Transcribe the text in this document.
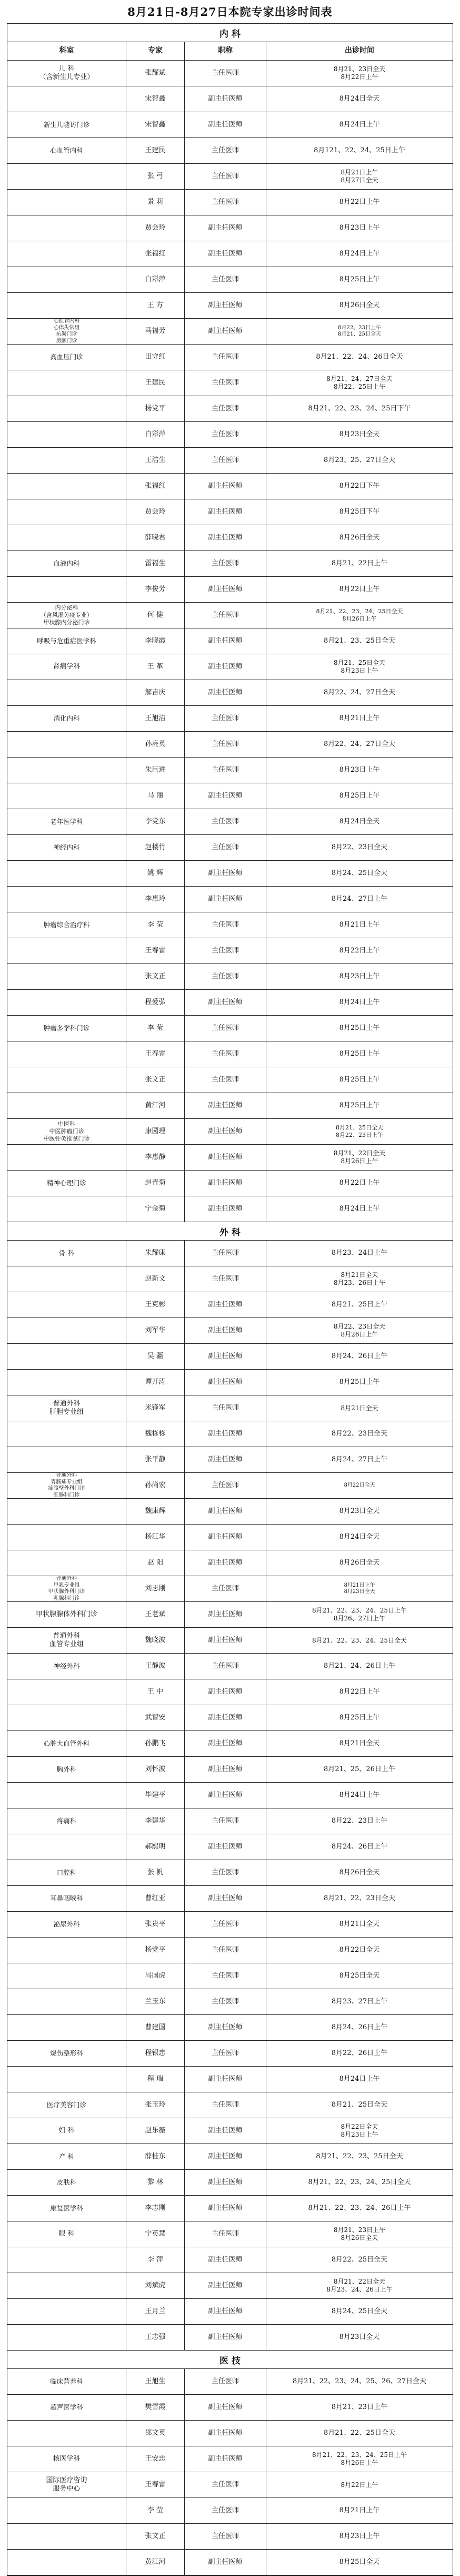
8月21日-8月27日本院专家出诊时间表
内 科
科室	专家	职称	出诊时间
儿 科
（含新生儿专业）
张耀斌	主任医师	8月21、23日全天
8月22日上午
宋智鑫	副主任医师	8月24日全天
新生儿随访门诊	宋智鑫	副主任医师	8月24日上午
心血管内科	王建民	主任医师	8月121、22、24、25日上午
张 弓	主任医师	8月21日上午
8月27日全天
景 莉	主任医师	8月22日上午
贾会玲	副主任医师	8月23日上午
张福红	副主任医师	8月24日上午
白彩萍	主任医师	8月25日上午
王 方	副主任医师	8月26日全天
心血管内科
心律失常组
抗凝门诊
房颤门诊
马福芳	副主任医师	8月22、23日上午
8月21、25日全天
高血压门诊	田守红	主任医师	8月21、22、24、26日全天
王建民	主任医师	8月21、24、27日全天
8月22、25日上午
杨党平	主任医师	8月21、22、23、24、25日下午
白彩萍	主任医师	8月23日全天
王浩生	主任医师	8月23、25、27日全天
张福红	副主任医师	8月22日下午
贾会玲	副主任医师	8月25日下午
薛晓君	副主任医师	8月26日全天
血液内科	雷福生	主任医师	8月21、22日上午
李俊芳	副主任医师	8月22日上午
内分泌科
（含风湿免疫专业）
甲状腺内分泌门诊
何 健	主任医师	8月21、22、23、24、25日全天
8月26日上午
呼吸与危重症医学科	李晓霞	副主任医师	8月21、23、25日全天
肾病学科	王 革	副主任医师	8月21、25日全天
8月23日上午
解吉庆	副主任医师	8月22、24、27日全天
消化内科	王旭洁	主任医师	8月21日上午
孙亮英	主任医师	8月22、24、27日全天
朱巨进	主任医师	8月23日上午
马 丽	副主任医师	8月25日上午
老年医学科	李党东	主任医师	8月24日全天
神经内科	赵楼竹	主任医师	8月22、23日全天
姚 辉	副主任医师	8月24、25日全天
李惠玲	副主任医师	8月24、27日上午
肿瘤综合治疗科	李 莹	主任医师	8月21日上午
王春雷	主任医师	8月22日上午
张文正	主任医师	8月23日上午
程爱弘	副主任医师	8月24日上午
肿瘤多学科门诊	李 莹	主任医师	8月25日上午
王春雷	主任医师	8月25日上午
张文正	主任医师	8月25日上午
黄江河	副主任医师	8月25日上午
中医科
中医肿瘤门诊
中医针灸推拿门诊
康园理	副主任医师	8月21、25日全天
8月22、23日上午
李惠静	副主任医师	8月21、22日全天
8月26日上午
精神心理门诊	赵青菊	副主任医师	8月22日上午
宁金菊	副主任医师	8月24日上午
外 科
骨 科	朱耀康	主任医师	8月23、24日上午
赵新文	主任医师	8月21日全天
8月23、26日上午
王克彬	副主任医师	8月21、25日上午
刘军华	副主任医师	8月22、23日全天
8月26日上午
吴 疆	副主任医师	8月24、26日上午
谭开涛	副主任医师	8月25日上午
普通外科
肝胆专业组
米锋军	主任医师	8月21日全天
魏栋栋	副主任医师	8月22、23日全天
张平静	副主任医师	8月24、27日上午
普通外科
胃肠疝专业组
疝腹壁外科门诊
肛肠科门诊
孙尚宏	主任医师	8月22日全天
魏康辉	副主任医师	8月23日全天
杨江华	副主任医师	8月24日全天
赵 阳	副主任医师	8月26日全天
普通外科
甲乳专业组
甲状腺外科门诊
乳腺科门诊
刘志刚	主任医师	8月21日上午
8月23日全天
甲状腺腺体外科门诊	王老斌	副主任医师	8月21、22、23、24、25日上午
8月26、27日上午
普通外科
血管专业组
魏晓波	副主任医师	8月21、22、23、24、25日全天
神经外科	王静波	主任医师	8月21、24、26日上午
王 中	副主任医师	8月22日上午
武智安	副主任医师	8月25日上午
心脏大血管外科	孙鹏飞	副主任医师	8月21日全天
胸外科	刘怀波	副主任医师	8月21、25、26日上午
毕建平	副主任医师	8月24日上午
疼痛科	李建华	主任医师	8月22、23日上午
郝熙明	副主任医师	8月24、26日上午
口腔科	张 帆	主任医师	8月26日全天
耳鼻咽喉科	曹红亚	副主任医师	8月21、22、23日全天
泌尿外科	张贵平	主任医师	8月21日全天
杨党平	主任医师	8月22日全天
冯国虎	主任医师	8月25日全天
兰玉东	主任医师	8月23、27日上午
曹建国	副主任医师	8月24、26日上午
烧伤整形科	程银忠	主任医师	8月22、26日上午
程 瑞	副主任医师	8月24日上午
医疗美容门诊	张玉玲	主任医师	8月21、25日全天
妇 科	赵乐薇	副主任医师	8月22日全天
8月23日上午
产 科	薛桂东	副主任医师	8月21、22、23、25日全天
皮肤科	黎 林	副主任医师	8月21、22、23、24、25日全天
康复医学科	李志刚	副主任医师	8月21、22、23、24、26日上午
眼 科	宁英慧	主任医师	8月21、23日上午
8月26日全天
李 萍	副主任医师	8月22、25日全天
刘斌虎	副主任医师	8月21、22日全天
8月23、24、26日上午
王月兰	副主任医师	8月24、25日全天
王志强	副主任医师	8月23日全天
医 技
临床营养科	王旭生	主任医师	8月21、22、23、24、25、26、27日全天
超声医学科	樊雪霞	副主任医师	8月21、23日上午
邵文英	副主任医师	8月21、22、25日全天
核医学科	王安忠	副主任医师	8月21、22、23、24、25日上午
8月26日上午
国际医疗咨询
服务中心
王春雷	主任医师	8月22日上午
李 莹	主任医师	8月21日上午
张文正	主任医师	8月23日上午
黄江河	副主任医师	8月25日全天
